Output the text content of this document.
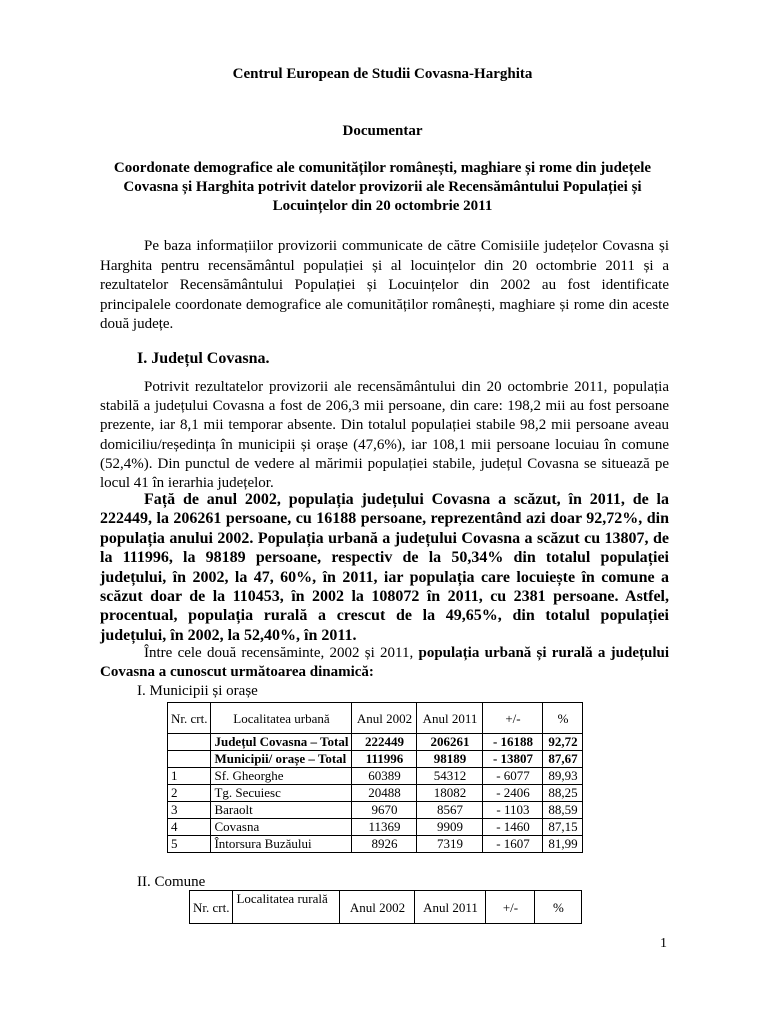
Centrul European de Studii Covasna-Harghita
Documentar
Coordonate demografice ale comunităților românești, maghiare și rome din județele Covasna și Harghita potrivit datelor provizorii ale Recensământului Populației și Locuințelor din 20 octombrie 2011
Pe baza informațiilor provizorii communicate de către Comisiile județelor Covasna și Harghita pentru recensământul populației și al locuințelor din 20 octombrie 2011 și a rezultatelor Recensământului Populației și Locuințelor din 2002 au fost identificate principalele coordonate demografice ale comunităților românești, maghiare și rome din aceste două județe.
I. Județul Covasna.
Potrivit rezultatelor provizorii ale recensământului din 20 octombrie 2011, populația stabilă a județului Covasna a fost de 206,3 mii persoane, din care: 198,2 mii au fost persoane prezente, iar 8,1 mii temporar absente. Din totalul populației stabile 98,2 mii persoane aveau domiciliu/reședința în municipii și orașe (47,6%), iar 108,1 mii persoane locuiau în comune (52,4%). Din punctul de vedere al mărimii populației stabile, județul Covasna se situează pe locul 41 în ierarhia județelor.
Față de anul 2002, populația județului Covasna a scăzut, în 2011, de la 222449, la 206261 persoane, cu 16188 persoane, reprezentând azi doar 92,72%, din populația anului 2002. Populația urbană a județului Covasna a scăzut cu 13807, de la 111996, la 98189 persoane, respectiv de la 50,34% din totalul populației județului, în 2002, la 47, 60%, în 2011, iar populația care locuiește în comune a scăzut doar de la 110453, în 2002 la 108072 în 2011, cu 2381 persoane. Astfel, procentual, populația rurală a crescut de la 49,65%, din totalul populației județului, în 2002, la 52,40%, în 2011.
Între cele două recensăminte, 2002 și 2011, populația urbană și rurală a județului Covasna a cunoscut următoarea dinamică:
I. Municipii și orașe
Nr. crt.	Localitatea urbană	Anul 2002	Anul 2011	+/-	%
	Județul Covasna – Total	222449	206261	- 16188	92,72
	Municipii/ orașe – Total	111996	98189	- 13807	87,67
1	Sf. Gheorghe	60389	54312	- 6077	89,93
2	Tg. Secuiesc	20488	18082	- 2406	88,25
3	Baraolt	9670	8567	- 1103	88,59
4	Covasna	11369	9909	- 1460	87,15
5	Întorsura Buzăului	8926	7319	- 1607	81,99
II. Comune
Nr. crt.	Localitatea rurală	Anul 2002	Anul 2011	+/-	%
1
